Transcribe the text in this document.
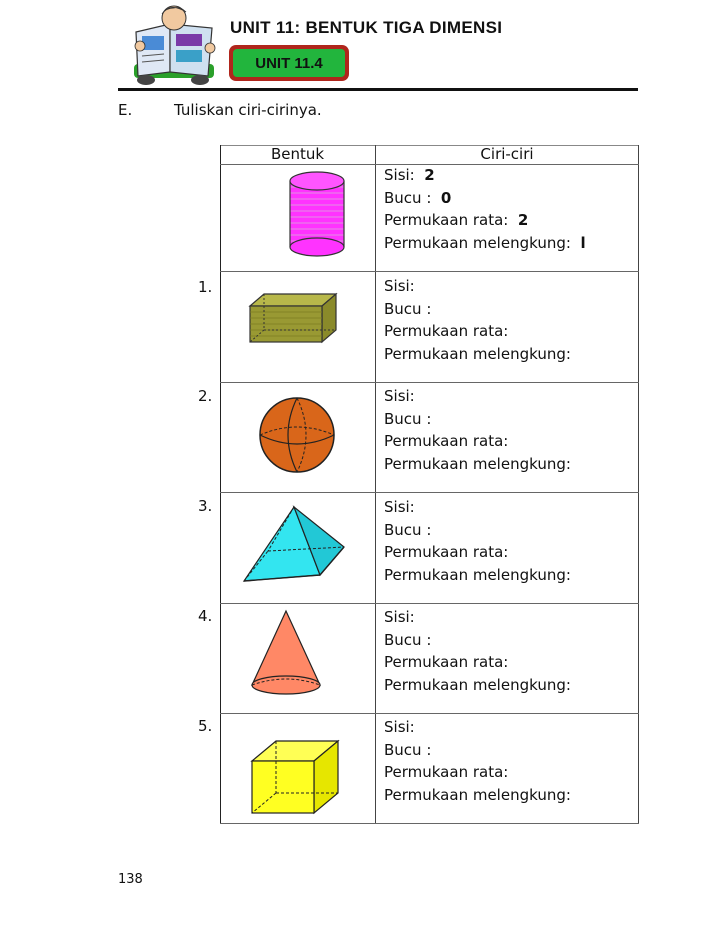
UNIT 11: BENTUK TIGA DIMENSI
UNIT 11.4
E.	Tuliskan ciri-cirinya.
Bentuk	Ciri-ciri
Sisi: 2
Bucu : 0
Permukaan rata: 2
Permukaan melengkung: l
1.	Sisi:
Bucu :
Permukaan rata:
Permukaan melengkung:
2.	Sisi:
Bucu :
Permukaan rata:
Permukaan melengkung:
3.	Sisi:
Bucu :
Permukaan rata:
Permukaan melengkung:
4.	Sisi:
Bucu :
Permukaan rata:
Permukaan melengkung:
5.	Sisi:
Bucu :
Permukaan rata:
Permukaan melengkung:
138
